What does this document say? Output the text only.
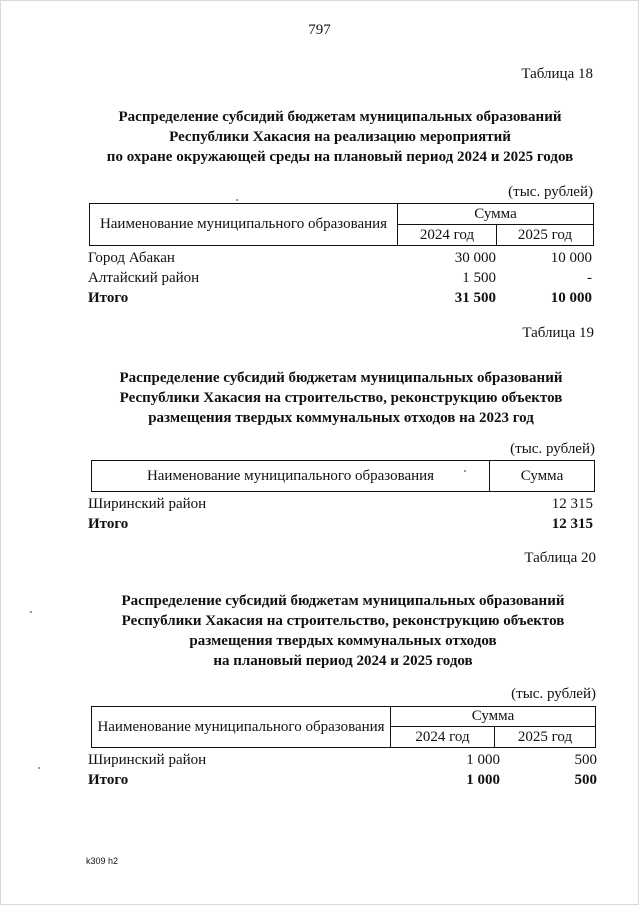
797
Таблица 18
Распределение субсидий бюджетам муниципальных образований
Республики Хакасия на реализацию мероприятий
по охране окружающей среды на плановый период 2024 и 2025 годов
(тыс. рублей)
Наименование муниципального образования	Сумма	
	2024 год	2025 год
Город Абакан	30 000	10 000
Алтайский район	1 500	-
Итого	31 500	10 000
Таблица 19
Распределение субсидий бюджетам муниципальных образований
Республики Хакасия на строительство, реконструкцию объектов
размещения твердых коммунальных отходов на 2023 год
(тыс. рублей)
Наименование муниципального образования	Сумма
Ширинский район	12 315
Итого	12 315
Таблица 20
Распределение субсидий бюджетам муниципальных образований
Республики Хакасия на строительство, реконструкцию объектов
размещения твердых коммунальных отходов
на плановый период 2024 и 2025 годов
(тыс. рублей)
Наименование муниципального образования	Сумма	
	2024 год	2025 год
Ширинский район	1 000	500
Итого	1 000	500
k309 h2
